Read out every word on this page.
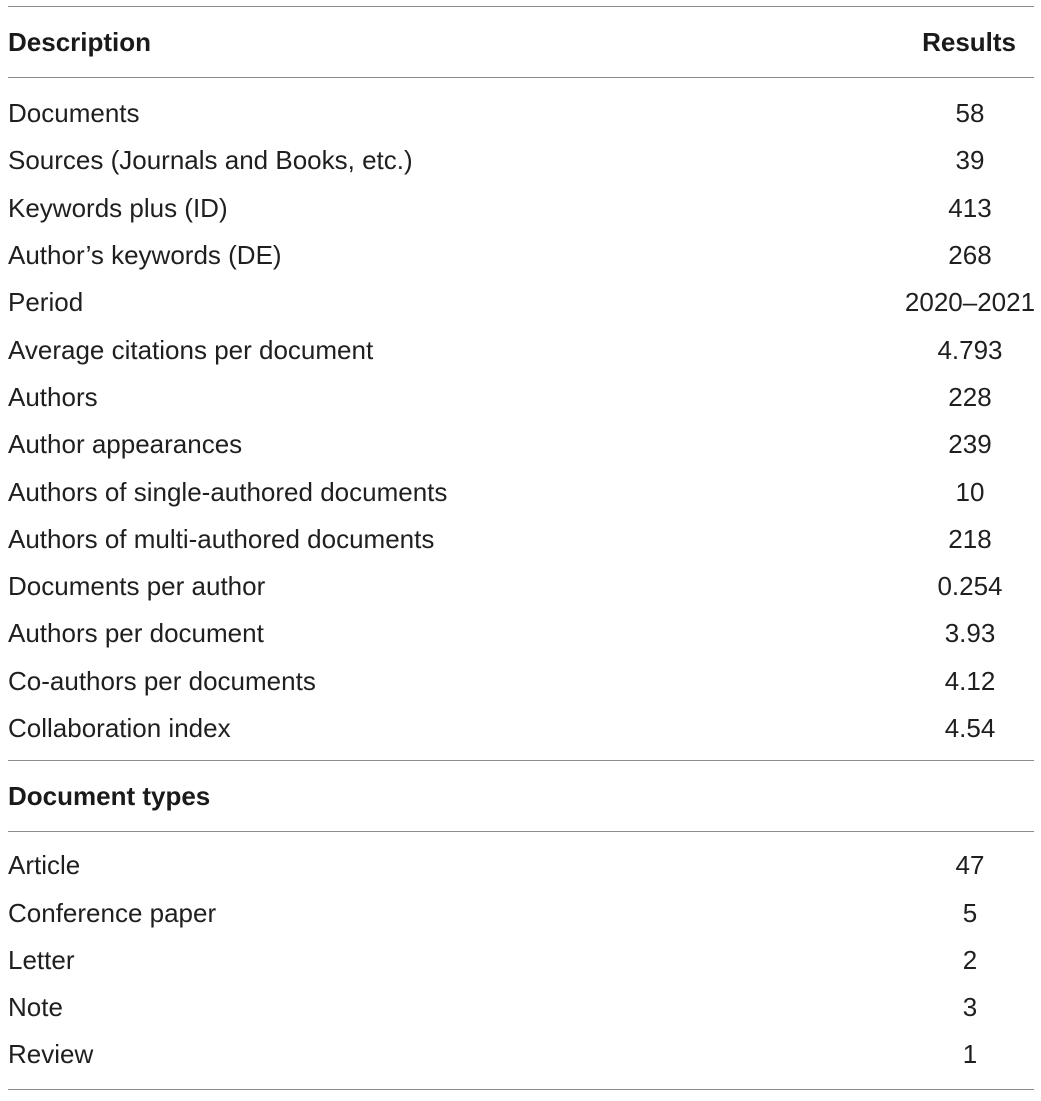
Description	Results
Documents	58
Sources (Journals and Books, etc.)	39
Keywords plus (ID)	413
Author’s keywords (DE)	268
Period	2020–2021
Average citations per document	4.793
Authors	228
Author appearances	239
Authors of single-authored documents	10
Authors of multi-authored documents	218
Documents per author	0.254
Authors per document	3.93
Co-authors per documents	4.12
Collaboration index	4.54
Document types
Article	47
Conference paper	5
Letter	2
Note	3
Review	1
